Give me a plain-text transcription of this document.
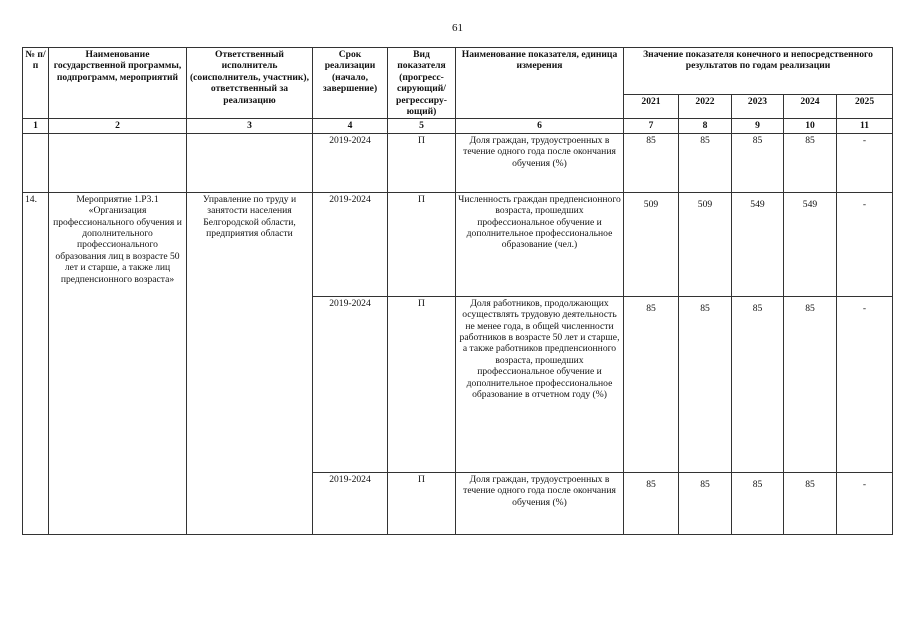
61
№ п/п	Наименование государственной программы, подпрограмм, мероприятий	Ответственный исполнитель (соисполнитель, участник), ответственный за реализацию	Срок реализации (начало, завершение)	Вид показателя (прогресс-сирующий/ регрессиру-ющий)	Наименование показателя, единица измерения	Значение показателя конечного и непосредственного результатов по годам реализации				
						2021	2022	2023	2024	2025
1	2	3	4	5	6	7	8	9	10	11
			2019-2024	П	Доля граждан, трудоустроенных в течение одного года после окончания обучения (%)	85	85	85	85	-
14.	Мероприятие 1.Р3.1 «Организация профессионального обучения и дополнительного профессионального образования лиц в возрасте 50 лет и старше, а также лиц предпенсионного возраста»	Управление по труду и занятости населения Белгородской области, предприятия области	2019-2024	П	Численность граждан предпенсионного возраста, прошедших профессиональное обучение и дополнительное профессиональное образование (чел.)	509	509	549	549	-
			2019-2024	П	Доля работников, продолжающих осуществлять трудовую деятельность не менее года, в общей численности работников в возрасте 50 лет и старше, а также работников предпенсионного возраста, прошедших профессиональное обучение и дополнительное профессиональное образование в отчетном году (%)	85	85	85	85	-
			2019-2024	П	Доля граждан, трудоустроенных в течение одного года после окончания обучения (%)	85	85	85	85	-
